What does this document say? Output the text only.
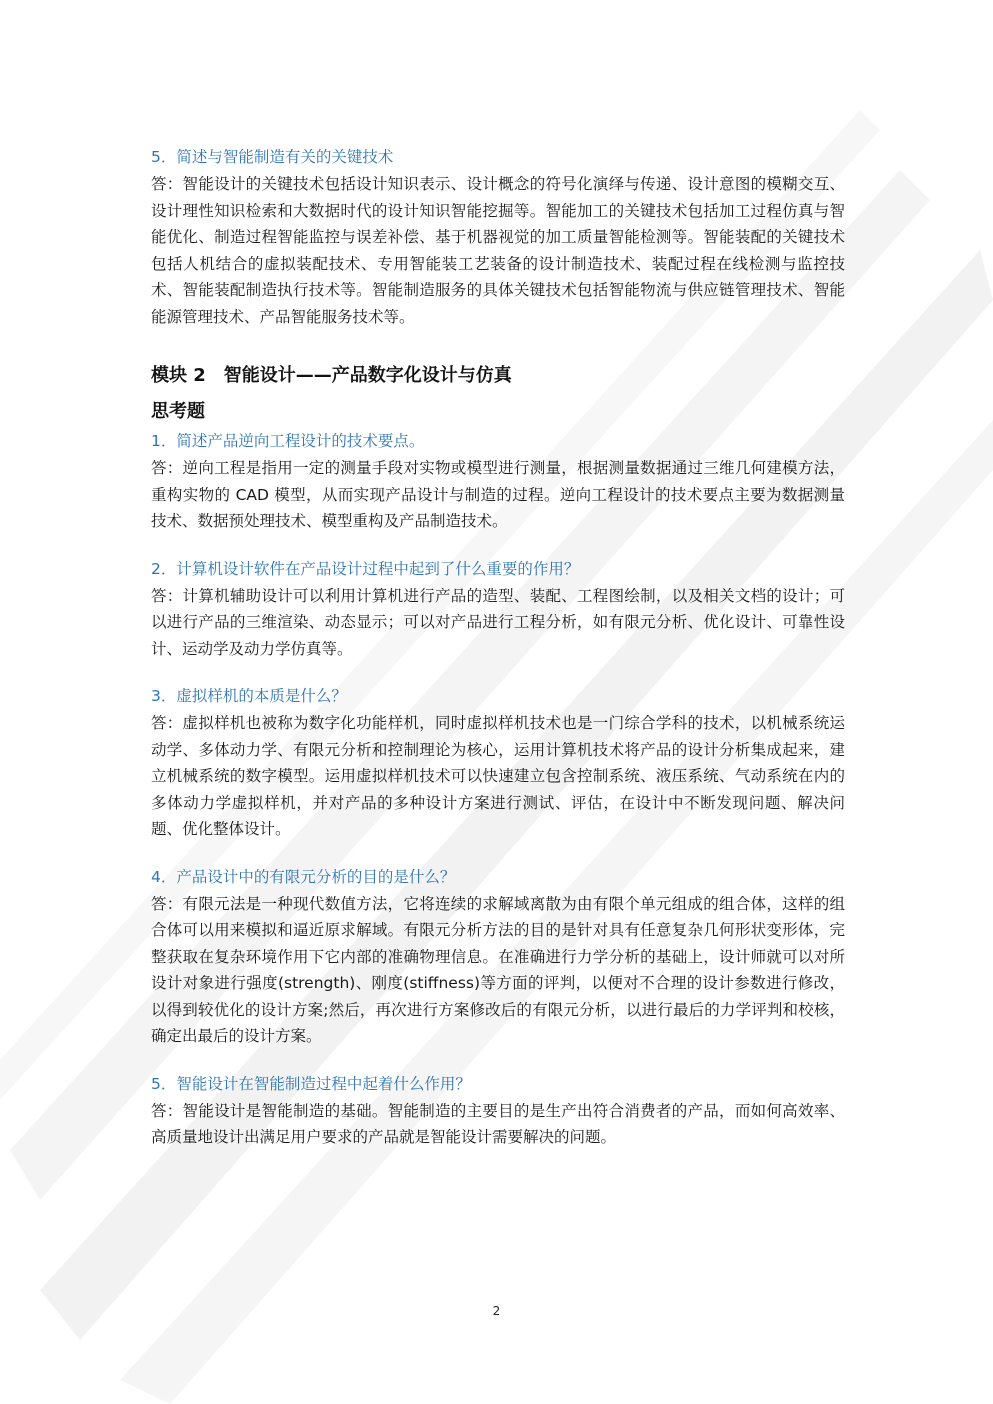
5．简述与智能制造有关的关键技术

答：智能设计的关键技术包括设计知识表示、设计概念的符号化演绎与传递、设计意图的模糊交互、设计理性知识检索和大数据时代的设计知识智能挖掘等。智能加工的关键技术包括加工过程仿真与智能优化、制造过程智能监控与误差补偿、基于机器视觉的加工质量智能检测等。智能装配的关键技术包括人机结合的虚拟装配技术、专用智能装工艺装备的设计制造技术、装配过程在线检测与监控技术、智能装配制造执行技术等。智能制造服务的具体关键技术包括智能物流与供应链管理技术、智能能源管理技术、产品智能服务技术等。

模块 2　智能设计——产品数字化设计与仿真
思考题

1．简述产品逆向工程设计的技术要点。

答：逆向工程是指用一定的测量手段对实物或模型进行测量，根据测量数据通过三维几何建模方法，重构实物的 CAD 模型，从而实现产品设计与制造的过程。逆向工程设计的技术要点主要为数据测量技术、数据预处理技术、模型重构及产品制造技术。

2．计算机设计软件在产品设计过程中起到了什么重要的作用？

答：计算机辅助设计可以利用计算机进行产品的造型、装配、工程图绘制，以及相关文档的设计；可以进行产品的三维渲染、动态显示；可以对产品进行工程分析，如有限元分析、优化设计、可靠性设计、运动学及动力学仿真等。

3．虚拟样机的本质是什么？

答：虚拟样机也被称为数字化功能样机，同时虚拟样机技术也是一门综合学科的技术，以机械系统运动学、多体动力学、有限元分析和控制理论为核心，运用计算机技术将产品的设计分析集成起来，建立机械系统的数字模型。运用虚拟样机技术可以快速建立包含控制系统、液压系统、气动系统在内的多体动力学虚拟样机，并对产品的多种设计方案进行测试、评估，在设计中不断发现问题、解决问题、优化整体设计。

4．产品设计中的有限元分析的目的是什么？

答：有限元法是一种现代数值方法，它将连续的求解域离散为由有限个单元组成的组合体，这样的组合体可以用来模拟和逼近原求解域。有限元分析方法的目的是针对具有任意复杂几何形状变形体，完整获取在复杂环境作用下它内部的准确物理信息。在准确进行力学分析的基础上，设计师就可以对所设计对象进行强度(strength)、刚度(stiffness)等方面的评判，以便对不合理的设计参数进行修改，以得到较优化的设计方案;然后，再次进行方案修改后的有限元分析，以进行最后的力学评判和校核，确定出最后的设计方案。

5．智能设计在智能制造过程中起着什么作用？

答：智能设计是智能制造的基础。智能制造的主要目的是生产出符合消费者的产品，而如何高效率、高质量地设计出满足用户要求的产品就是智能设计需要解决的问题。

2
